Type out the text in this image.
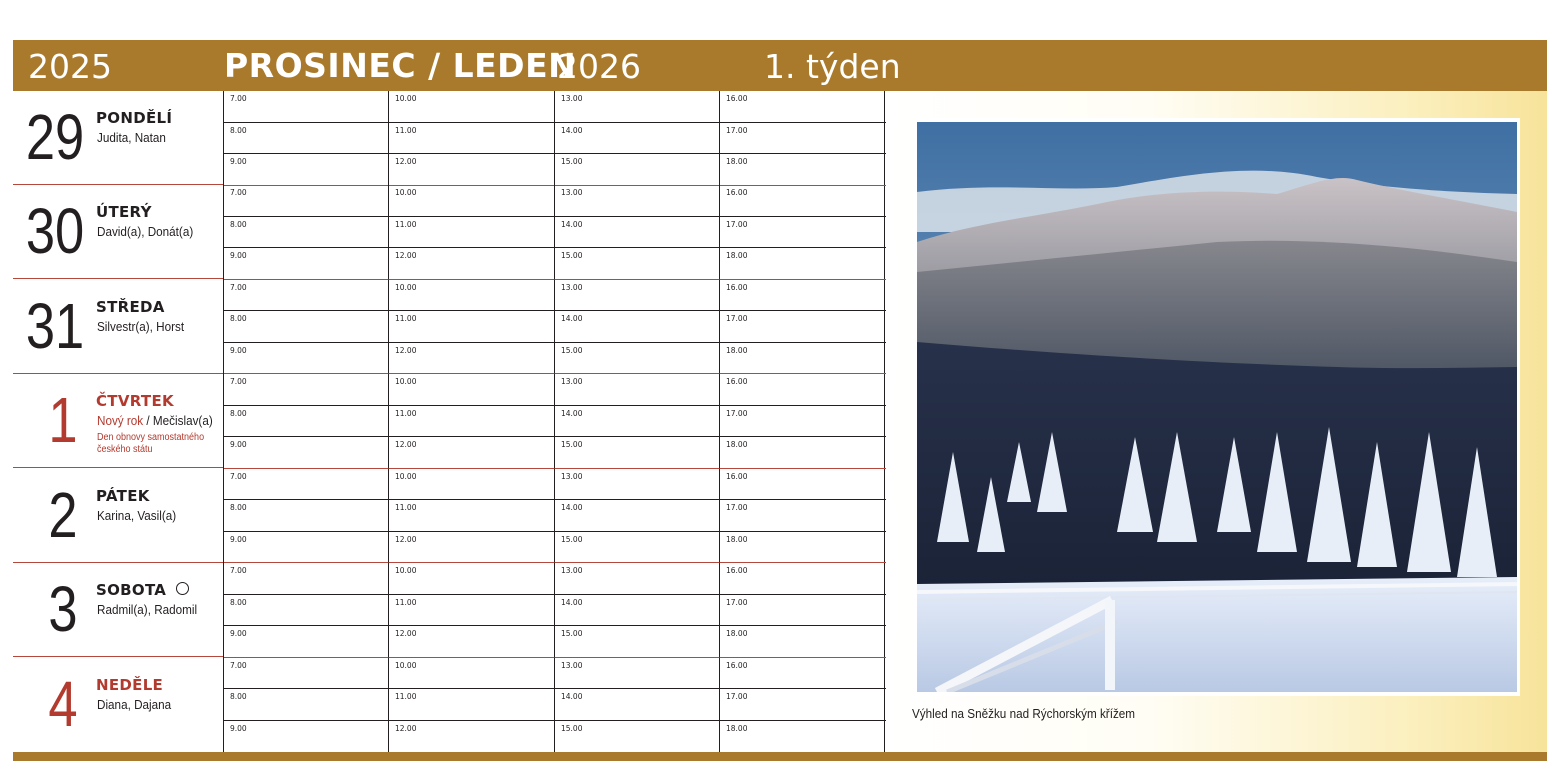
2025	PROSINEC / LEDEN
2026	1. týden
29 PONDĚLÍ
Judita, Natan
30 ÚTERÝ
David(a), Donát(a)
31 STŘEDA
Silvestr(a), Horst
1	ČTVRTEK
Nový rok / Mečislav(a)
Den obnovy samostatného českého státu
2	PÁTEK
Karina, Vasil(a)
3	SOBOTA
Radmil(a), Radomil
4	NEDĚLE
Diana, Dajana
7.00	10.00	13.00	16.00
8.00	11.00	14.00	17.00
9.00	12.00	15.00	18.00
7.00	10.00	13.00	16.00
8.00	11.00	14.00	17.00
9.00	12.00	15.00	18.00
7.00	10.00	13.00	16.00
8.00	11.00	14.00	17.00
9.00	12.00	15.00	18.00
7.00	10.00	13.00	16.00
8.00	11.00	14.00	17.00
9.00	12.00	15.00	18.00
7.00	10.00	13.00	16.00
8.00	11.00	14.00	17.00
9.00	12.00	15.00	18.00
7.00	10.00	13.00	16.00
8.00	11.00	14.00	17.00
9.00	12.00	15.00	18.00
7.00	10.00	13.00	16.00
8.00	11.00	14.00	17.00
9.00	12.00	15.00	18.00
Výhled na Sněžku nad Rýchorským křížem
